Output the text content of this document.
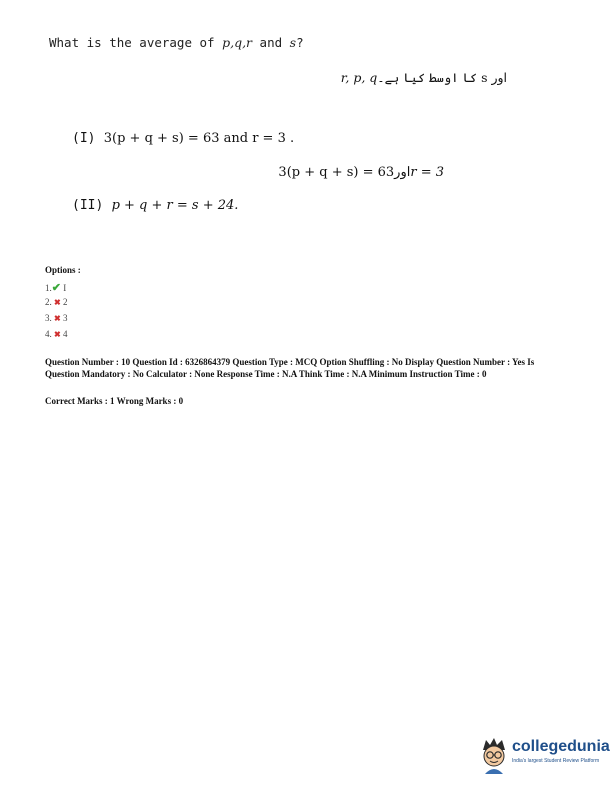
What is the average of p,q,r and s?
r, p, q اور s کا اوسط کیا ہے۔
(I) 3(p + q + s) = 63 and r = 3 .
3(p + q + s) = 63اورr = 3
(II) p + q + r = s + 24.
Options :
1.✔ I
2. ✖ 2
3. ✖ 3
4. ✖ 4
Question Number : 10 Question Id : 6326864379 Question Type : MCQ Option Shuffling : No Display Question Number : Yes Is Question Mandatory : No Calculator : None Response Time : N.A Think Time : N.A Minimum Instruction Time : 0
Correct Marks : 1 Wrong Marks : 0
collegedunia
India's largest Student Review Platform
